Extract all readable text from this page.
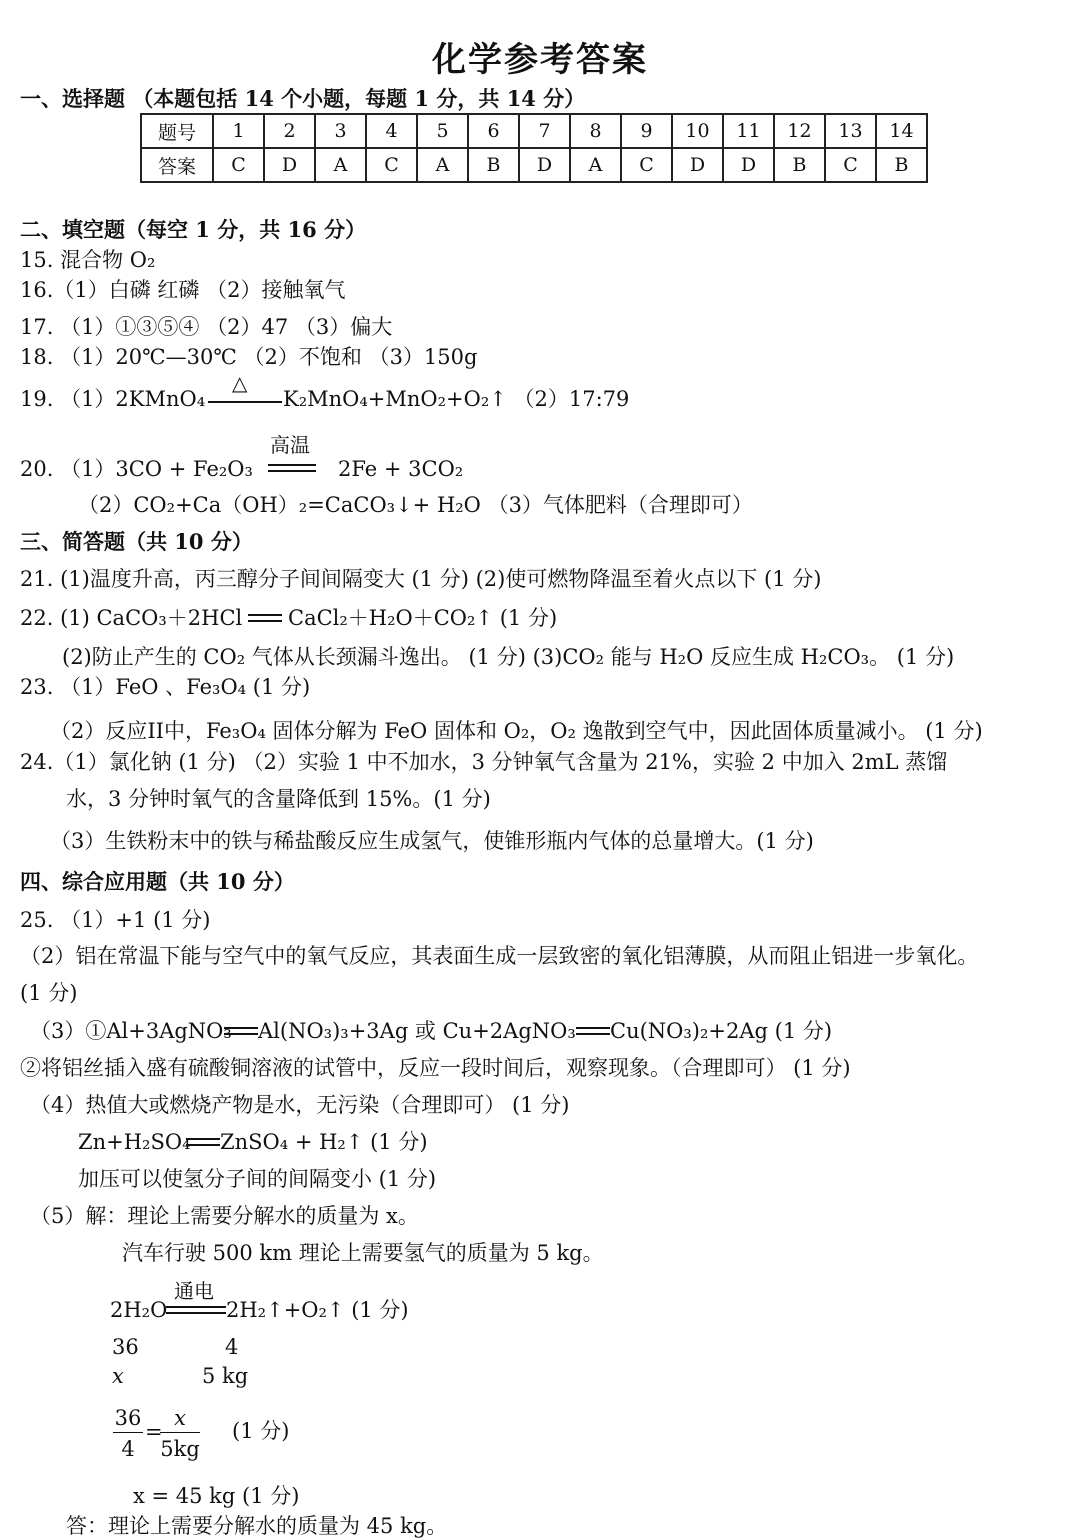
化学参考答案
一、选择题 （本题包括 14 个小题，每题 1 分，共 14 分）
题号	1	2	3	4	5	6	7	8	9	10	11	12	13	14
答案	C	D	A	C	A	B	D	A	C	D	D	B	C	B
二、填空题（每空 1 分，共 16 分）
15. 混合物 O₂
16.（1）白磷 红磷 （2）接触氧气
17. （1）①③⑤④ （2）47 （3）偏大
18. （1）20℃—30℃ （2）不饱和 （3）150g
19. （1）2KMnO₄
△
K₂MnO₄+MnO₂+O₂↑ （2）17:79
高温
20. （1）3CO + Fe₂O₃	2Fe + 3CO₂
（2）CO₂+Ca（OH）₂=CaCO₃↓+ H₂O （3）气体肥料（合理即可）
三、简答题（共 10 分）
21. (1)温度升高，丙三醇分子间间隔变大 (1 分) (2)使可燃物降温至着火点以下 (1 分)
22. (1) CaCO₃＋2HCl CaCl₂＋H₂O＋CO₂↑ (1 分)
(2)防止产生的 CO₂ 气体从长颈漏斗逸出。 (1 分) (3)CO₂ 能与 H₂O 反应生成 H₂CO₃。 (1 分)
23. （1）FeO 、Fe₃O₄ (1 分)
（2）反应II中，Fe₃O₄ 固体分解为 FeO 固体和 O₂，O₂ 逸散到空气中，因此固体质量减小。 (1 分)
24.（1）氯化钠 (1 分) （2）实验 1 中不加水，3 分钟氧气含量为 21%，实验 2 中加入 2mL 蒸馏
水，3 分钟时氧气的含量降低到 15%。(1 分)
（3）生铁粉末中的铁与稀盐酸反应生成氢气，使锥形瓶内气体的总量增大。(1 分)
四、综合应用题（共 10 分）
25. （1）+1 (1 分)
（2）铝在常温下能与空气中的氧气反应，其表面生成一层致密的氧化铝薄膜，从而阻止铝进一步氧化。
(1 分)
（3）①Al+3AgNO₃ Al(NO₃)₃+3Ag 或 Cu+2AgNO₃ Cu(NO₃)₂+2Ag (1 分)
②将铝丝插入盛有硫酸铜溶液的试管中，反应一段时间后，观察现象。（合理即可） (1 分)
（4）热值大或燃烧产物是水，无污染（合理即可） (1 分)
Zn+H₂SO₄ ZnSO₄ + H₂↑ (1 分)
加压可以使氢分子间的间隔变小 (1 分)
（5）解：理论上需要分解水的质量为 x。
汽车行驶 500 km 理论上需要氢气的质量为 5 kg。
通电
2H₂O	2H₂↑+O₂↑ (1 分)
36	4
x	5 kg
36
4
=
x
5kg
(1 分)
x = 45 kg (1 分)
答：理论上需要分解水的质量为 45 kg。
